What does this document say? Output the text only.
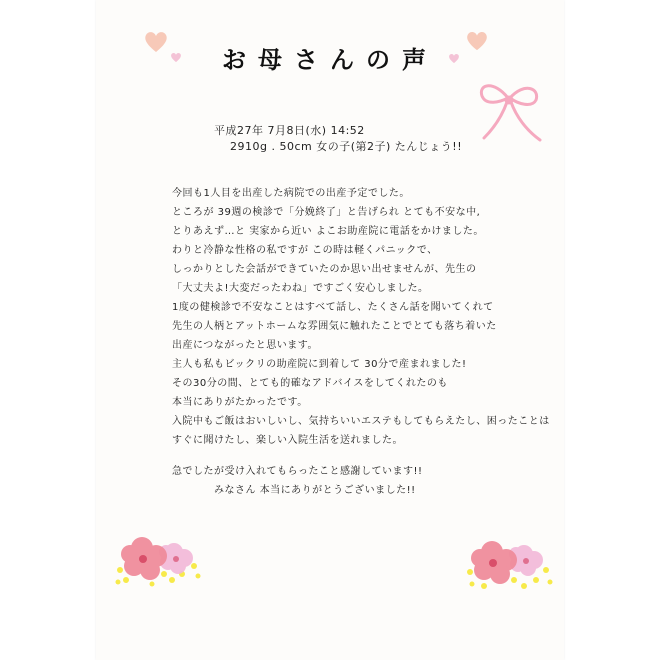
お母さんの声
平成27年 7月8日(水) 14:52
2910g . 50cm 女の子(第2子) たんじょう!!
今回も1人目を出産した病院での出産予定でした。
ところが 39週の検診で「分娩終了」と告げられ とても不安な中,
とりあえず…と 実家から近い よこお助産院に電話をかけました。
わりと冷静な性格の私ですが この時は軽くパニックで、
しっかりとした会話ができていたのか思い出せませんが、先生の
「大丈夫よ!大変だったわね」ですごく安心しました。
1度の健検診で不安なことはすべて話し、たくさん話を聞いてくれて
先生の人柄とアットホームな雰囲気に触れたことでとても落ち着いた
出産につながったと思います。
主人も私もビックリの助産院に到着して 30分で産まれました!
その30分の間、とても的確なアドバイスをしてくれたのも
本当にありがたかったです。
入院中もご飯はおいしいし、気持ちいいエステもしてもらえたし、困ったことは
すぐに聞けたし、楽しい入院生活を送れました。
急でしたが受け入れてもらったこと感謝しています!!
みなさん 本当にありがとうございました!!
